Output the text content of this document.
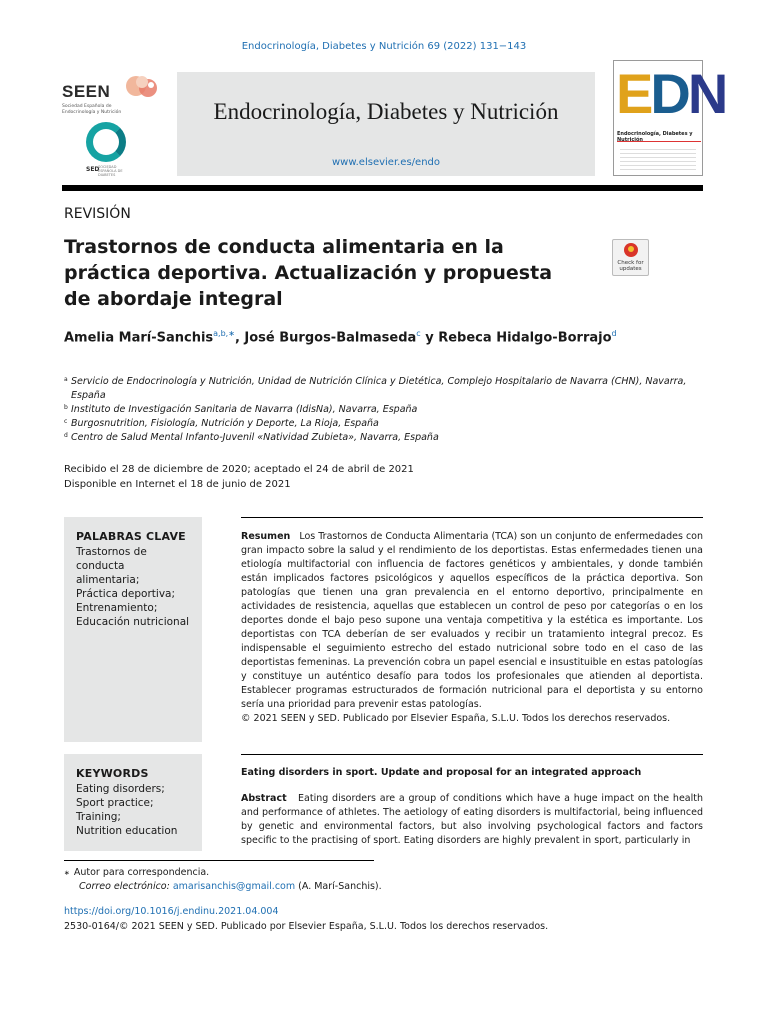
Endocrinología, Diabetes y Nutrición 69 (2022) 131−143
SEEN
Sociedad Española de Endocrinología y Nutrición
SED
SOCIEDAD ESPAÑOLA DE DIABETES
Endocrinología, Diabetes y Nutrición
www.elsevier.es/endo
EDN
Endocrinología, Diabetes y Nutrición
REVISIÓN
Trastornos de conducta alimentaria en la práctica deportiva. Actualización y propuesta de abordaje integral
Check for updates
Amelia Marí-Sanchis$^{a,b,∗}$, José Burgos-Balmaseda$^c$ y Rebeca Hidalgo-Borrajo$^d$
a Servicio de Endocrinología y Nutrición, Unidad de Nutrición Clínica y Dietética, Complejo Hospitalario de Navarra (CHN), Navarra, España
b Instituto de Investigación Sanitaria de Navarra (IdisNa), Navarra, España
c Burgosnutrition, Fisiología, Nutrición y Deporte, La Rioja, España
d Centro de Salud Mental Infanto-Juvenil «Natividad Zubieta», Navarra, España
Recibido el 28 de diciembre de 2020; aceptado el 24 de abril de 2021
Disponible en Internet el 18 de junio de 2021
PALABRAS CLAVE
Trastornos de conducta alimentaria;
Práctica deportiva;
Entrenamiento;
Educación nutricional
Resumen Los Trastornos de Conducta Alimentaria (TCA) son un conjunto de enfermedades con gran impacto sobre la salud y el rendimiento de los deportistas. Estas enfermedades tienen una etiología multifactorial con influencia de factores genéticos y ambientales, y donde también están implicados factores psicológicos y aquellos específicos de la práctica deportiva. Son patologías que tienen una gran prevalencia en el entorno deportivo, principalmente en actividades de resistencia, aquellas que establecen un control de peso por categorías o en los deportes donde el bajo peso supone una ventaja competitiva y la estética es importante. Los deportistas con TCA deberían de ser evaluados y recibir un tratamiento integral precoz. Es indispensable el seguimiento estrecho del estado nutricional sobre todo en el caso de las deportistas femeninas. La prevención cobra un papel esencial e insustituible en estas patologías y constituye un auténtico desafío para todos los profesionales que atienden al deportista. Establecer programas estructurados de formación nutricional para el deportista y su entorno sería una prioridad para prevenir estas patologías.
© 2021 SEEN y SED. Publicado por Elsevier España, S.L.U. Todos los derechos reservados.
KEYWORDS
Eating disorders;
Sport practice;
Training;
Nutrition education
Eating disorders in sport. Update and proposal for an integrated approach
Abstract Eating disorders are a group of conditions which have a huge impact on the health and performance of athletes. The aetiology of eating disorders is multifactorial, being influenced by genetic and environmental factors, but also involving psychological factors and factors specific to the practising of sport. Eating disorders are highly prevalent in sport, particularly in
∗ Autor para correspondencia.
Correo electrónico: amarisanchis@gmail.com (A. Marí-Sanchis).
https://doi.org/10.1016/j.endinu.2021.04.004
2530-0164/© 2021 SEEN y SED. Publicado por Elsevier España, S.L.U. Todos los derechos reservados.
